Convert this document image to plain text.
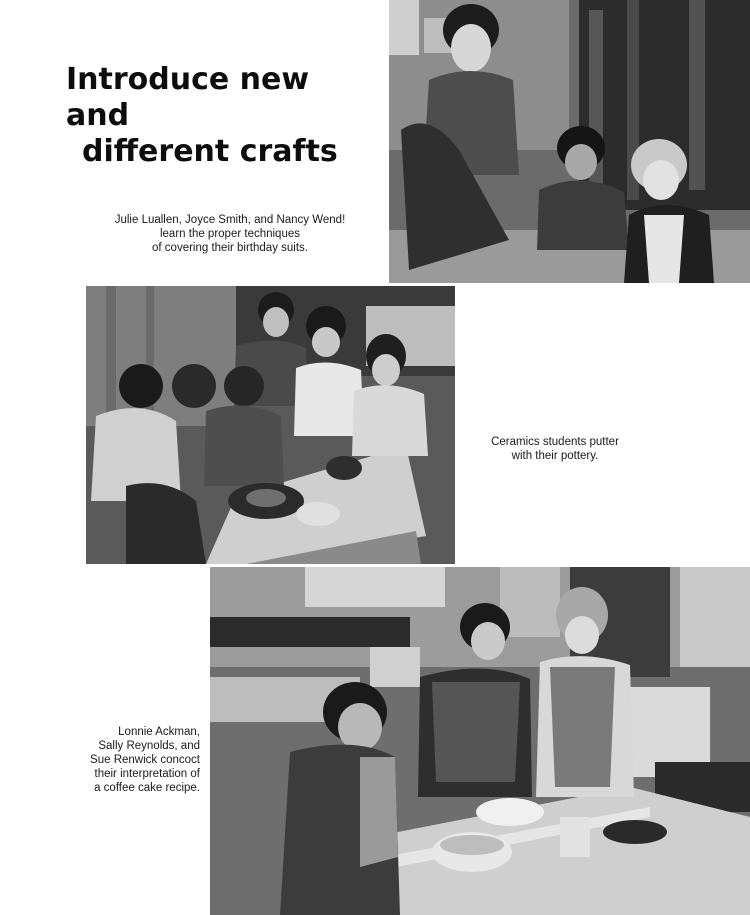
Introduce new and
different crafts

Julie Luallen, Joyce Smith, and Nancy Wend!
learn the proper techniques
of covering their birthday suits.

Ceramics students putter
with their pottery.

Lonnie Ackman,
Sally Reynolds, and
Sue Renwick concoct
their interpretation of
a coffee cake recipe.
